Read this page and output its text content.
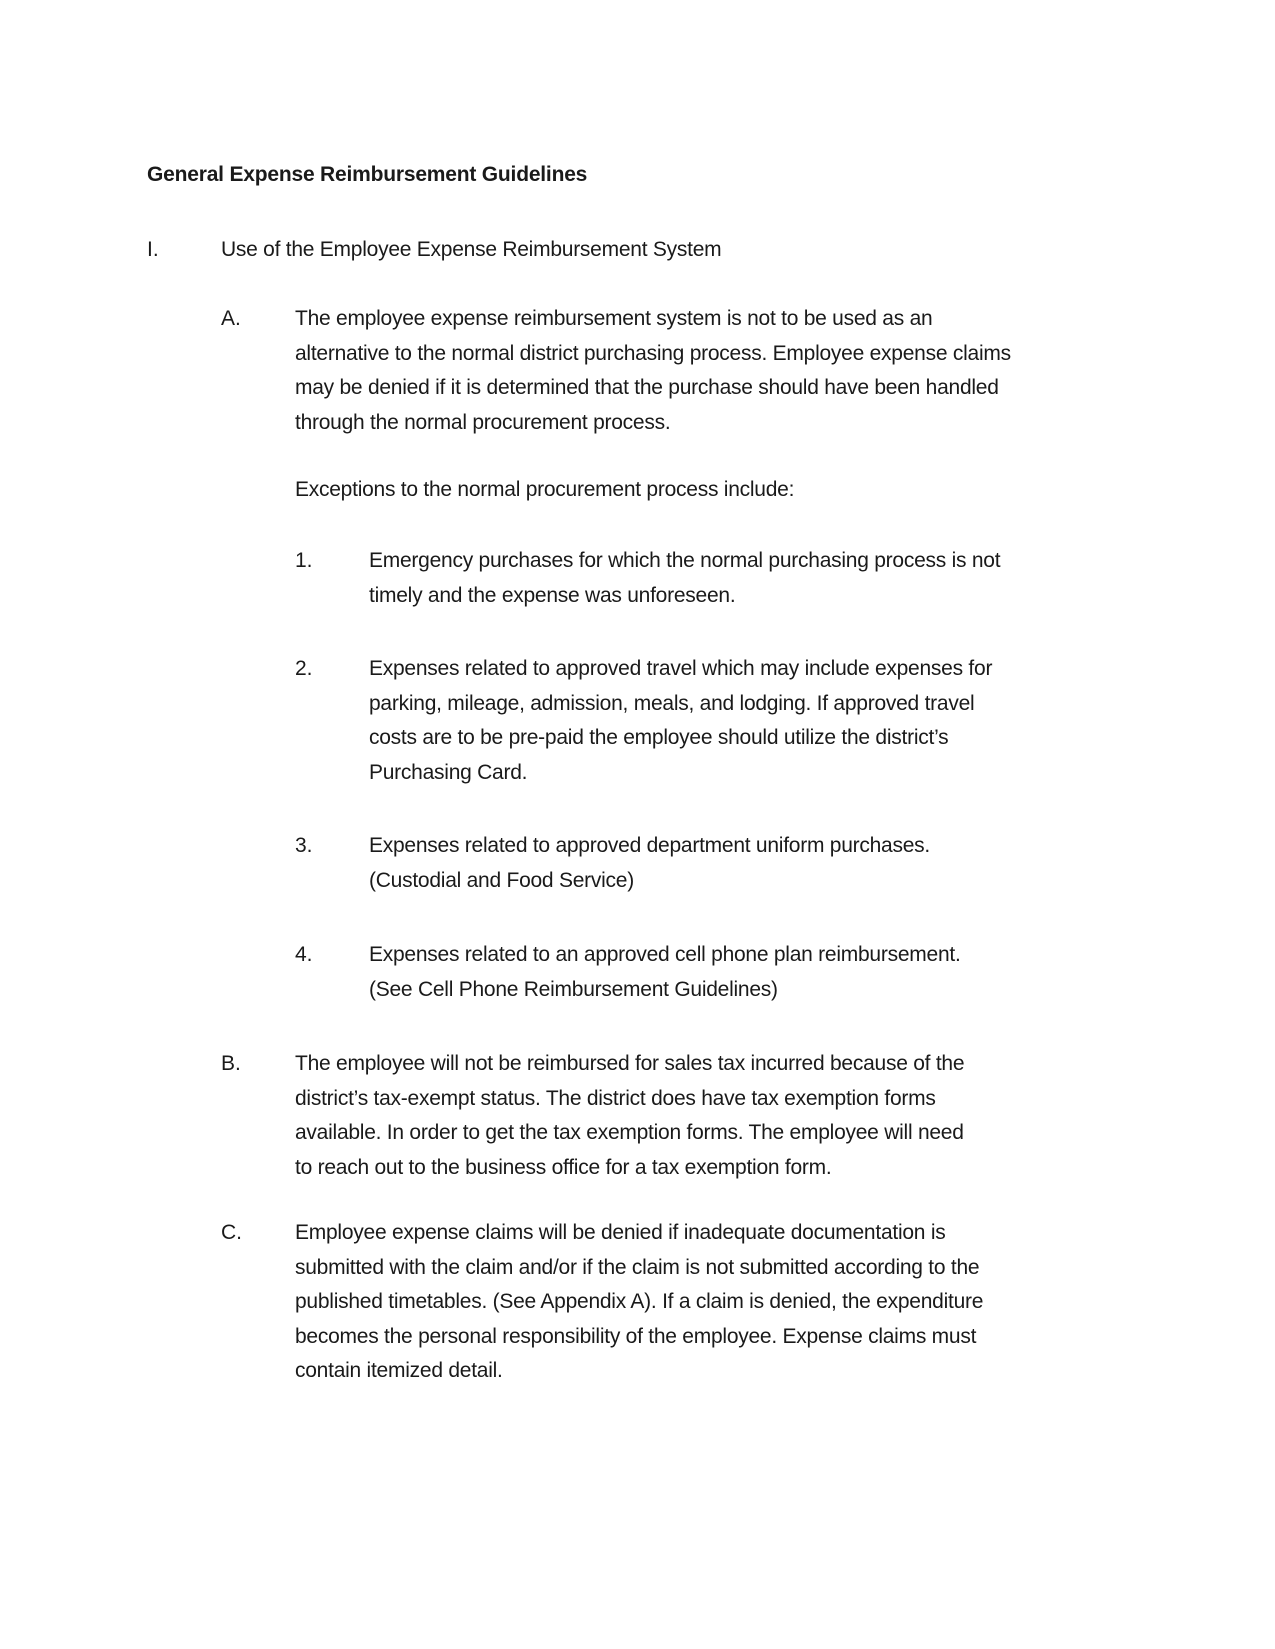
General Expense Reimbursement Guidelines
I.	Use of the Employee Expense Reimbursement System
A.	The employee expense reimbursement system is not to be used as an
alternative to the normal district purchasing process. Employee expense claims
may be denied if it is determined that the purchase should have been handled
through the normal procurement process.
Exceptions to the normal procurement process include:
1.	Emergency purchases for which the normal purchasing process is not
timely and the expense was unforeseen.
2.	Expenses related to approved travel which may include expenses for
parking, mileage, admission, meals, and lodging. If approved travel
costs are to be pre-paid the employee should utilize the district’s
Purchasing Card.
3.	Expenses related to approved department uniform purchases.
(Custodial and Food Service)
4.	Expenses related to an approved cell phone plan reimbursement.
(See Cell Phone Reimbursement Guidelines)
B.	The employee will not be reimbursed for sales tax incurred because of the
district’s tax-exempt status. The district does have tax exemption forms
available. In order to get the tax exemption forms. The employee will need
to reach out to the business office for a tax exemption form.
C.	Employee expense claims will be denied if inadequate documentation is
submitted with the claim and/or if the claim is not submitted according to the
published timetables. (See Appendix A). If a claim is denied, the expenditure
becomes the personal responsibility of the employee. Expense claims must
contain itemized detail.
